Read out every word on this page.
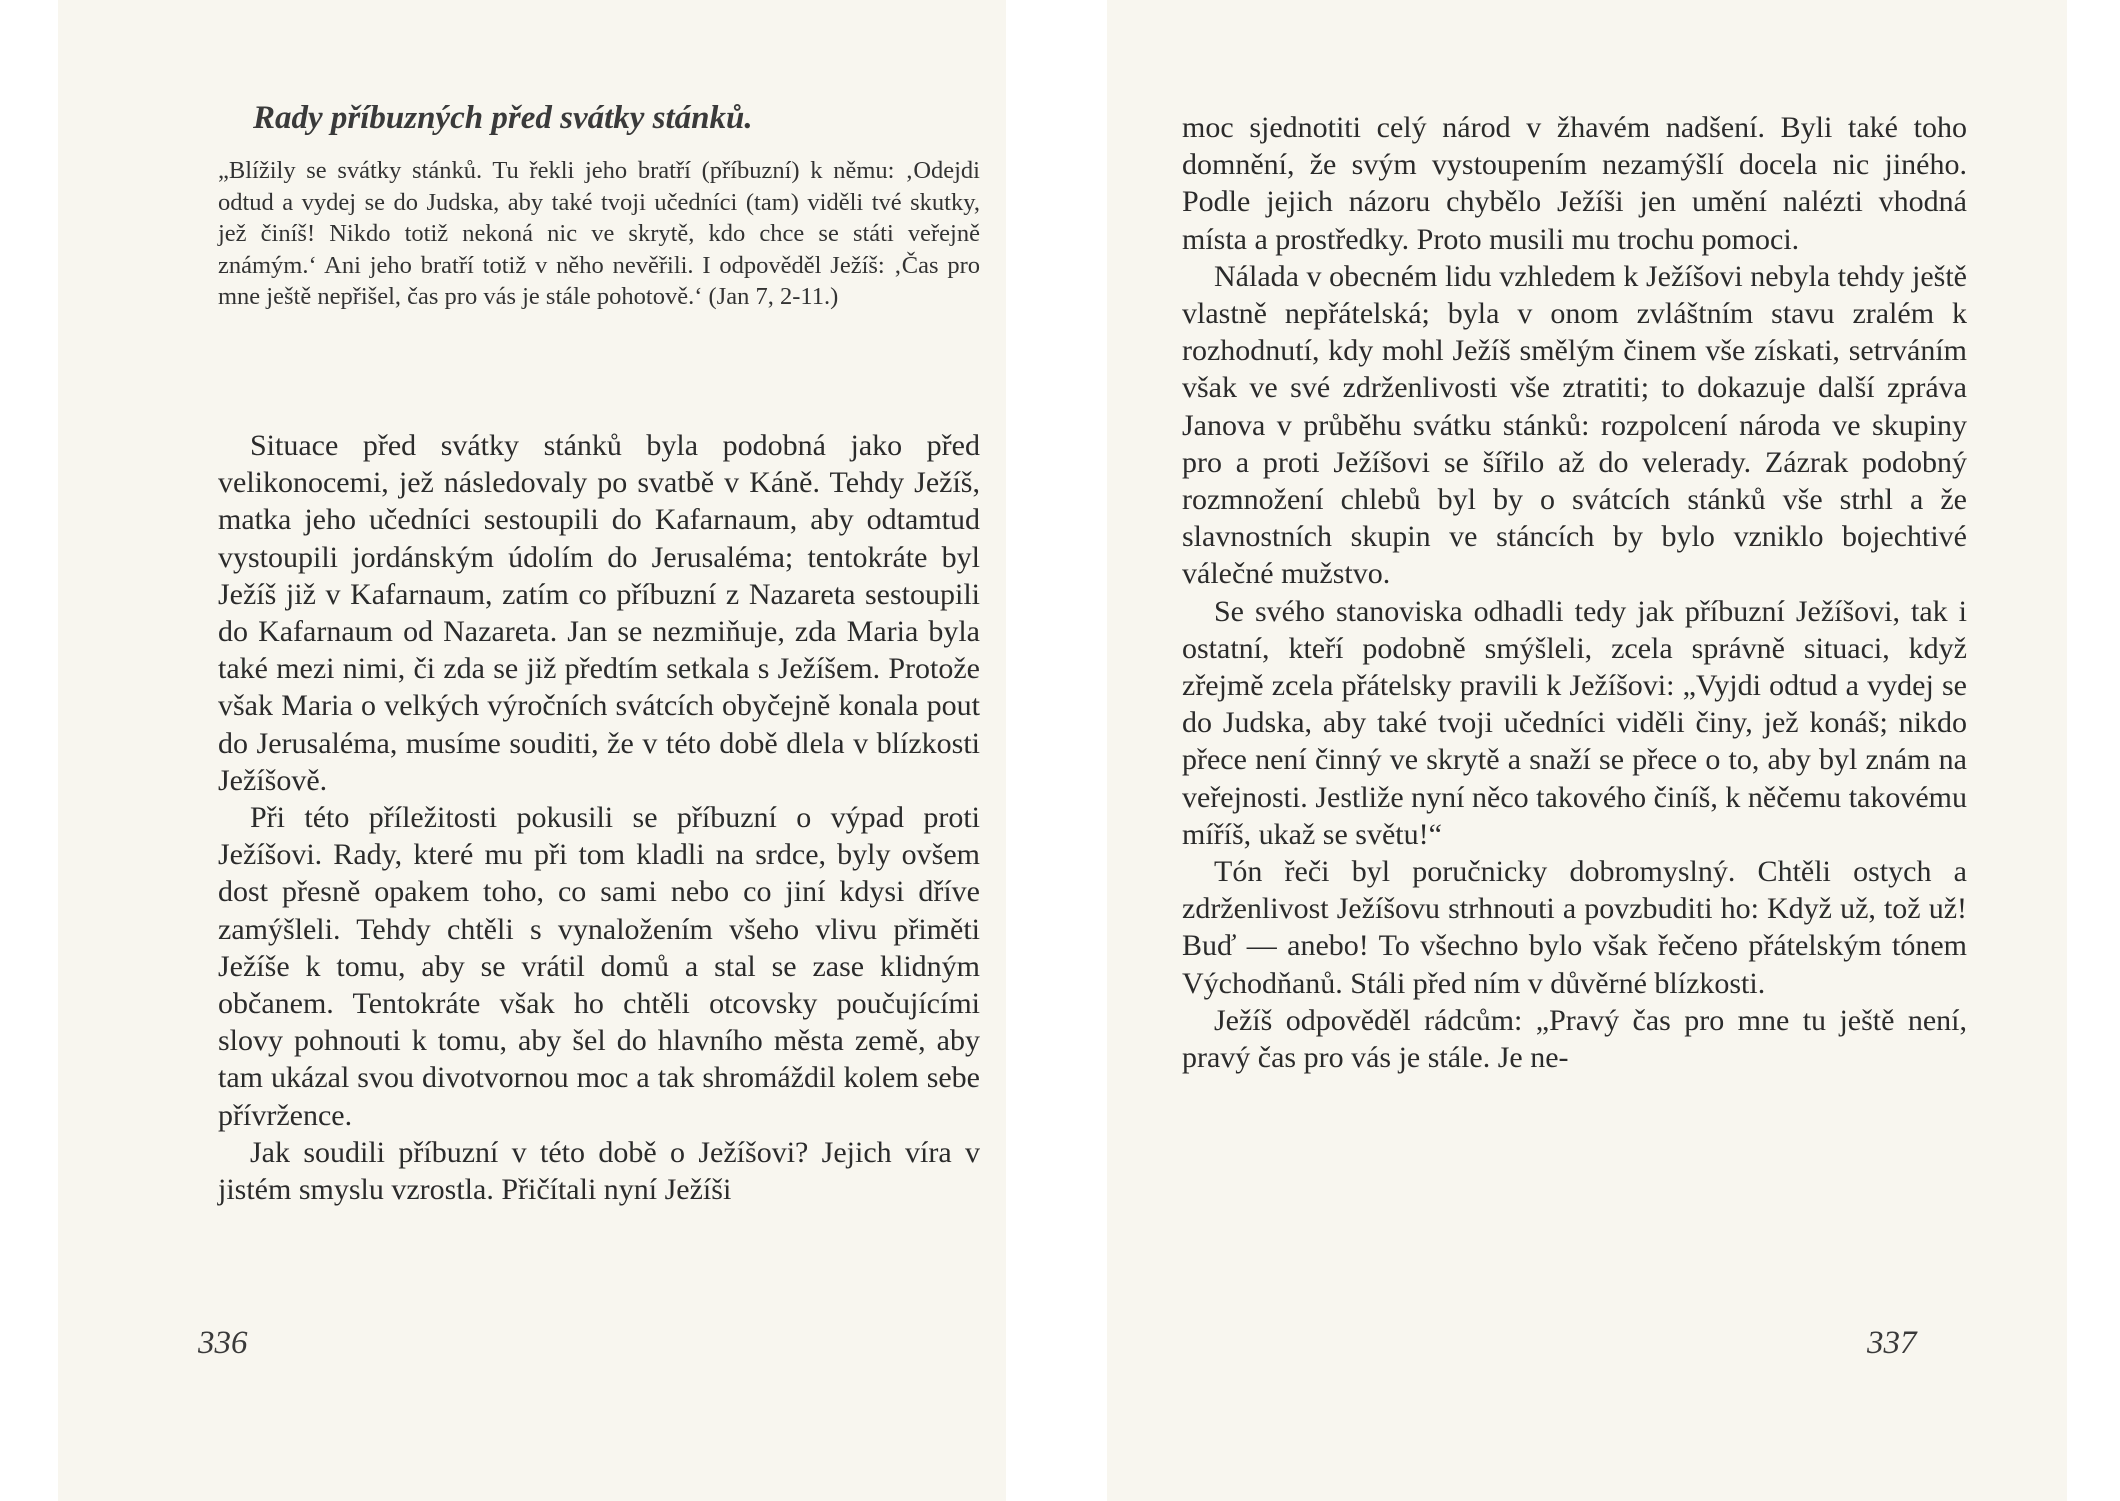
Rady příbuzných před svátky stánků.

„Blížily se svátky stánků. Tu řekli jeho bratří (příbuzní) k němu: ‚Odejdi odtud a vydej se do Judska, aby také tvoji učedníci (tam) viděli tvé skutky, jež činíš! Nikdo totiž nekoná nic ve skrytě, kdo chce se státi veřejně známým.‘ Ani jeho bratří totiž v něho nevěřili. I odpověděl Ježíš: ‚Čas pro mne ještě nepřišel, čas pro vás je stále pohotově.‘ (Jan 7, 2-11.)

Situace před svátky stánků byla podobná jako před velikonocemi, jež následovaly po svatbě v Káně. Tehdy Ježíš, matka jeho učedníci sestoupili do Kafarnaum, aby odtamtud vystoupili jordánským údolím do Jerusaléma; tentokráte byl Ježíš již v Kafarnaum, zatím co příbuzní z Nazareta sestoupili do Kafarnaum od Nazareta. Jan se nezmiňuje, zda Maria byla také mezi nimi, či zda se již předtím setkala s Ježíšem. Protože však Maria o velkých výročních svátcích obyčejně konala pout do Jerusaléma, musíme souditi, že v této době dlela v blízkosti Ježíšově.

Při této příležitosti pokusili se příbuzní o výpad proti Ježíšovi. Rady, které mu při tom kladli na srdce, byly ovšem dost přesně opakem toho, co sami nebo co jiní kdysi dříve zamýšleli. Tehdy chtěli s vynaložením všeho vlivu přiměti Ježíše k tomu, aby se vrátil domů a stal se zase klidným občanem. Tentokráte však ho chtěli otcovsky poučujícími slovy pohnouti k tomu, aby šel do hlavního města země, aby tam ukázal svou divotvornou moc a tak shromáždil kolem sebe přívržence.

Jak soudili příbuzní v této době o Ježíšovi? Jejich víra v jistém smyslu vzrostla. Přičítali nyní Ježíši

336

moc sjednotiti celý národ v žhavém nadšení. Byli také toho domnění, že svým vystoupením nezamýšlí docela nic jiného. Podle jejich názoru chybělo Ježíši jen umění nalézti vhodná místa a prostředky. Proto musili mu trochu pomoci.

Nálada v obecném lidu vzhledem k Ježíšovi nebyla tehdy ještě vlastně nepřátelská; byla v onom zvláštním stavu zralém k rozhodnutí, kdy mohl Ježíš smělým činem vše získati, setrváním však ve své zdrženlivosti vše ztratiti; to dokazuje další zpráva Janova v průběhu svátku stánků: rozpolcení národa ve skupiny pro a proti Ježíšovi se šířilo až do velerady. Zázrak podobný rozmnožení chlebů byl by o svátcích stánků vše strhl a že slavnostních skupin ve stáncích by bylo vzniklo bojechtivé válečné mužstvo.

Se svého stanoviska odhadli tedy jak příbuzní Ježíšovi, tak i ostatní, kteří podobně smýšleli, zcela správně situaci, když zřejmě zcela přátelsky pravili k Ježíšovi: „Vyjdi odtud a vydej se do Judska, aby také tvoji učedníci viděli činy, jež konáš; nikdo přece není činný ve skrytě a snaží se přece o to, aby byl znám na veřejnosti. Jestliže nyní něco takového činíš, k něčemu takovému míříš, ukaž se světu!“

Tón řeči byl poručnicky dobromyslný. Chtěli ostych a zdrženlivost Ježíšovu strhnouti a povzbuditi ho: Když už, tož už! Buď — anebo! To všechno bylo však řečeno přátelským tónem Východňanů. Stáli před ním v důvěrné blízkosti.

Ježíš odpověděl rádcům: „Pravý čas pro mne tu ještě není, pravý čas pro vás je stále. Je ne-

337
